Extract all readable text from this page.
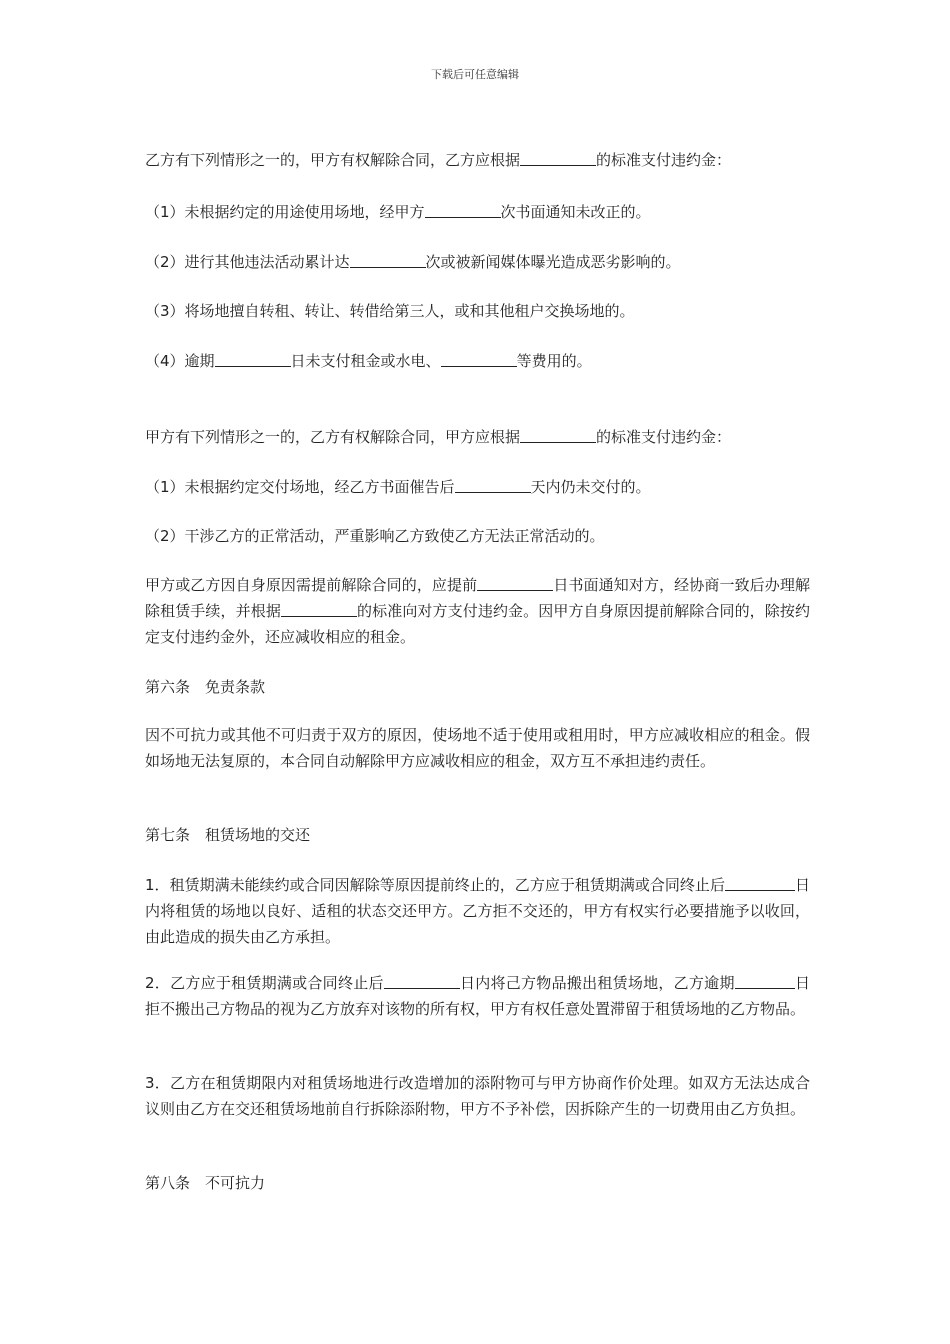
下载后可任意编辑
乙方有下列情形之一的，甲方有权解除合同，乙方应根据	的标准支付违约金：
（1）未根据约定的用途使用场地，经甲方	次书面通知未改正的。
（2）进行其他违法活动累计达	次或被新闻媒体曝光造成恶劣影响的。
（3）将场地擅自转租、转让、转借给第三人，或和其他租户交换场地的。
（4）逾期	日未支付租金或水电、	等费用的。
甲方有下列情形之一的，乙方有权解除合同，甲方应根据	的标准支付违约金：
（1）未根据约定交付场地，经乙方书面催告后	天内仍未交付的。
（2）干涉乙方的正常活动，严重影响乙方致使乙方无法正常活动的。
甲方或乙方因自身原因需提前解除合同的，应提前	日书面通知对方，经协商一致后办理解除租赁手续，并根据	的标准向对方支付违约金。因甲方自身原因提前解除合同的，除按约定支付违约金外，还应减收相应的租金。
第六条　免责条款
因不可抗力或其他不可归责于双方的原因，使场地不适于使用或租用时，甲方应减收相应的租金。假如场地无法复原的，本合同自动解除甲方应减收相应的租金，双方互不承担违约责任。
第七条　租赁场地的交还
1．租赁期满未能续约或合同因解除等原因提前终止的，乙方应于租赁期满或合同终止后	日内将租赁的场地以良好、适租的状态交还甲方。乙方拒不交还的，甲方有权实行必要措施予以收回，由此造成的损失由乙方承担。
2．乙方应于租赁期满或合同终止后	日内将己方物品搬出租赁场地，乙方逾期	日拒不搬出己方物品的视为乙方放弃对该物的所有权，甲方有权任意处置滞留于租赁场地的乙方物品。
3．乙方在租赁期限内对租赁场地进行改造增加的添附物可与甲方协商作价处理。如双方无法达成合议则由乙方在交还租赁场地前自行拆除添附物，甲方不予补偿，因拆除产生的一切费用由乙方负担。
第八条　不可抗力
